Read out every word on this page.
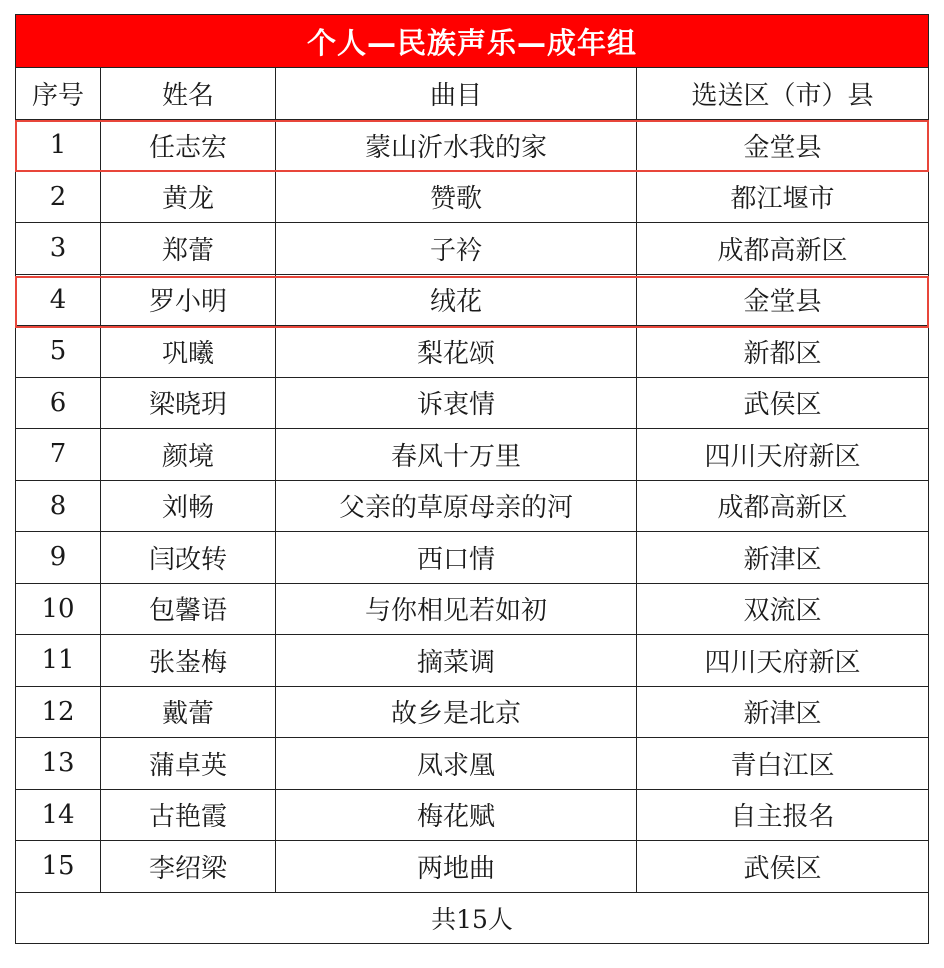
个人—民族声乐—成年组			
序号	姓名	曲目	选送区（市）县
1	任志宏	蒙山沂水我的家	金堂县
2	黄龙	赞歌	都江堰市
3	郑蕾	子衿	成都高新区
4	罗小明	绒花	金堂县
5	巩曦	梨花颂	新都区
6	梁晓玥	诉衷情	武侯区
7	颜境	春风十万里	四川天府新区
8	刘畅	父亲的草原母亲的河	成都高新区
9	闫改转	西口情	新津区
10	包馨语	与你相见若如初	双流区
11	张崟梅	摘菜调	四川天府新区
12	戴蕾	故乡是北京	新津区
13	蒲卓英	凤求凰	青白江区
14	古艳霞	梅花赋	自主报名
15	李绍梁	两地曲	武侯区
共15人			
